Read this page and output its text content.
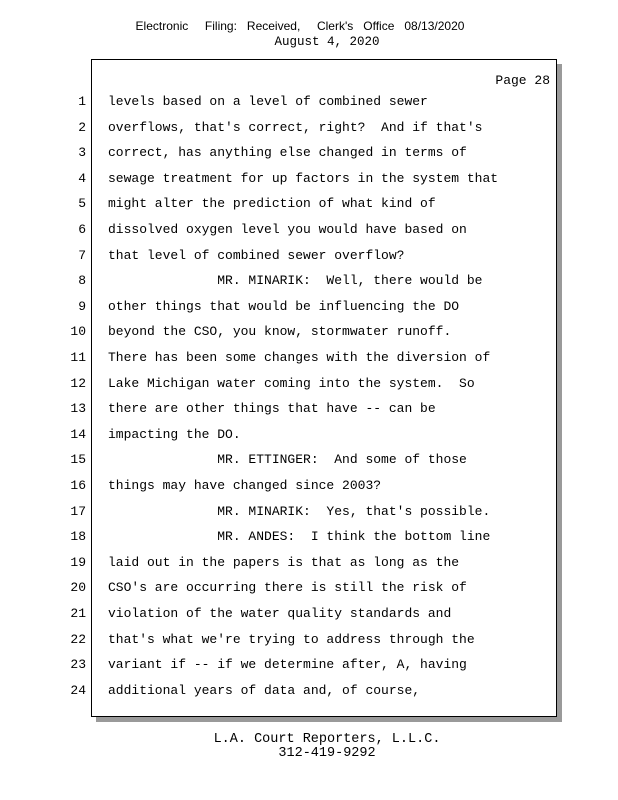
Electronic     Filing:   Received,     Clerk's   Office   08/13/2020
August 4, 2020
Page 28
1
2
3
4
5
6
7
8
9
10
11
12
13
14
15
16
17
18
19
20
21
22
23
24
levels based on a level of combined sewer
overflows, that's correct, right?  And if that's
correct, has anything else changed in terms of
sewage treatment for up factors in the system that
might alter the prediction of what kind of
dissolved oxygen level you would have based on
that level of combined sewer overflow?
MR. MINARIK:  Well, there would be
other things that would be influencing the DO
beyond the CSO, you know, stormwater runoff.
There has been some changes with the diversion of
Lake Michigan water coming into the system.  So
there are other things that have -- can be
impacting the DO.
MR. ETTINGER:  And some of those
things may have changed since 2003?
MR. MINARIK:  Yes, that's possible.
MR. ANDES:  I think the bottom line
laid out in the papers is that as long as the
CSO's are occurring there is still the risk of
violation of the water quality standards and
that's what we're trying to address through the
variant if -- if we determine after, A, having
additional years of data and, of course,
L.A. Court Reporters, L.L.C.
312-419-9292
